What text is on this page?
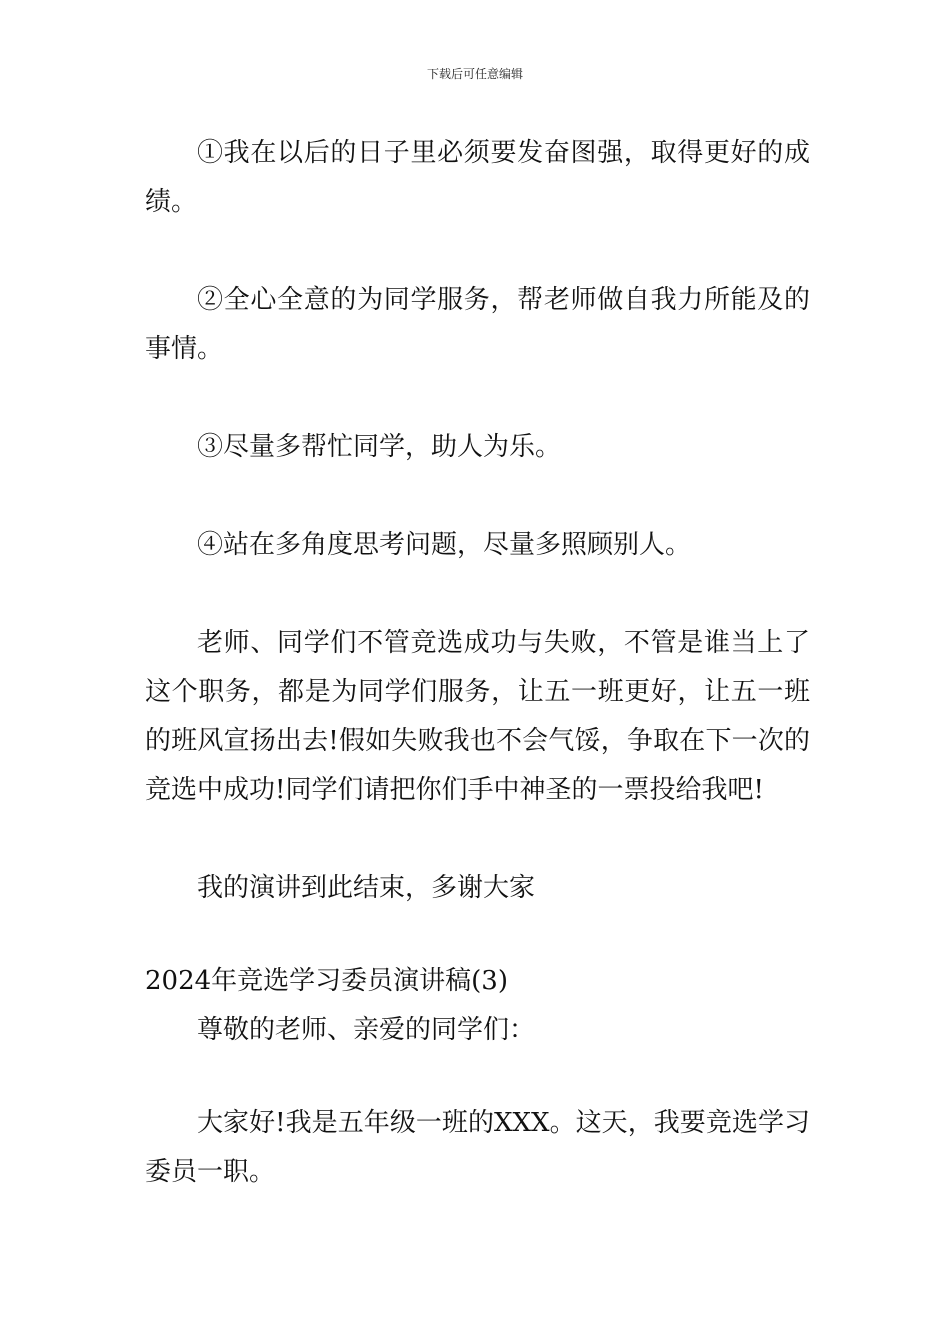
下载后可任意编辑

①我在以后的日子里必须要发奋图强，取得更好的成绩。

②全心全意的为同学服务，帮老师做自我力所能及的事情。

③尽量多帮忙同学，助人为乐。

④站在多角度思考问题，尽量多照顾别人。

老师、同学们不管竞选成功与失败，不管是谁当上了这个职务，都是为同学们服务，让五一班更好，让五一班的班风宣扬出去!假如失败我也不会气馁，争取在下一次的竞选中成功!同学们请把你们手中神圣的一票投给我吧!

我的演讲到此结束，多谢大家

2024年竞选学习委员演讲稿(3)

尊敬的老师、亲爱的同学们：

大家好!我是五年级一班的XXX。这天，我要竞选学习委员一职。
